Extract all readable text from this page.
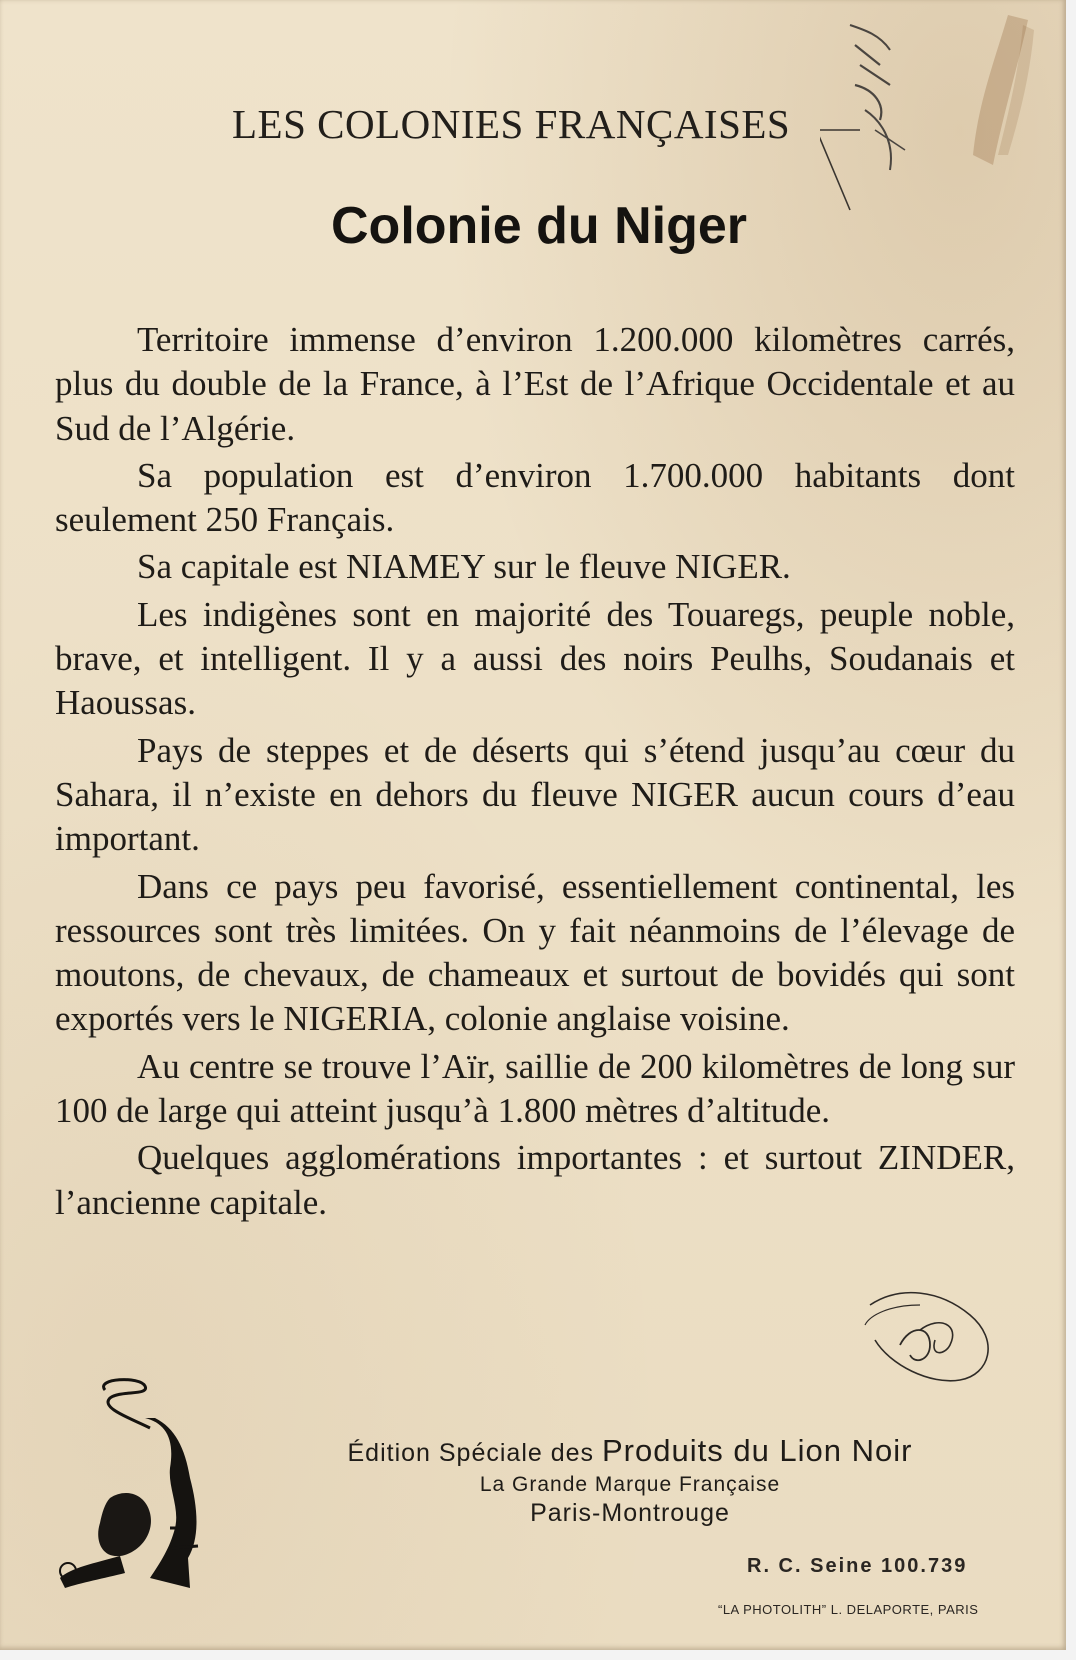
LES COLONIES FRANÇAISES
Colonie du Niger

Territoire immense d’environ 1.200.000 kilomètres carrés, plus du double de la France, à l’Est de l’Afrique Occidentale et au Sud de l’Algérie.

Sa population est d’environ 1.700.000 habitants dont seulement 250 Français.

Sa capitale est NIAMEY sur le fleuve NIGER.

Les indigènes sont en majorité des Touaregs, peuple noble, brave, et intelligent. Il y a aussi des noirs Peulhs, Soudanais et Haoussas.

Pays de steppes et de déserts qui s’étend jusqu’au cœur du Sahara, il n’existe en dehors du fleuve NIGER aucun cours d’eau important.

Dans ce pays peu favorisé, essentiellement continental, les ressources sont très limitées. On y fait néanmoins de l’élevage de moutons, de chevaux, de chameaux et surtout de bovidés qui sont exportés vers le NIGERIA, colonie anglaise voisine.

Au centre se trouve l’Aïr, saillie de 200 kilomètres de long sur 100 de large qui atteint jusqu’à 1.800 mètres d’altitude.

Quelques agglomérations importantes : et surtout ZINDER, l’ancienne capitale.

Édition Spéciale des Produits du Lion Noir
La Grande Marque Française
Paris-Montrouge
R. C. Seine 100.739
“LA PHOTOLITH” L. DELAPORTE, PARIS
